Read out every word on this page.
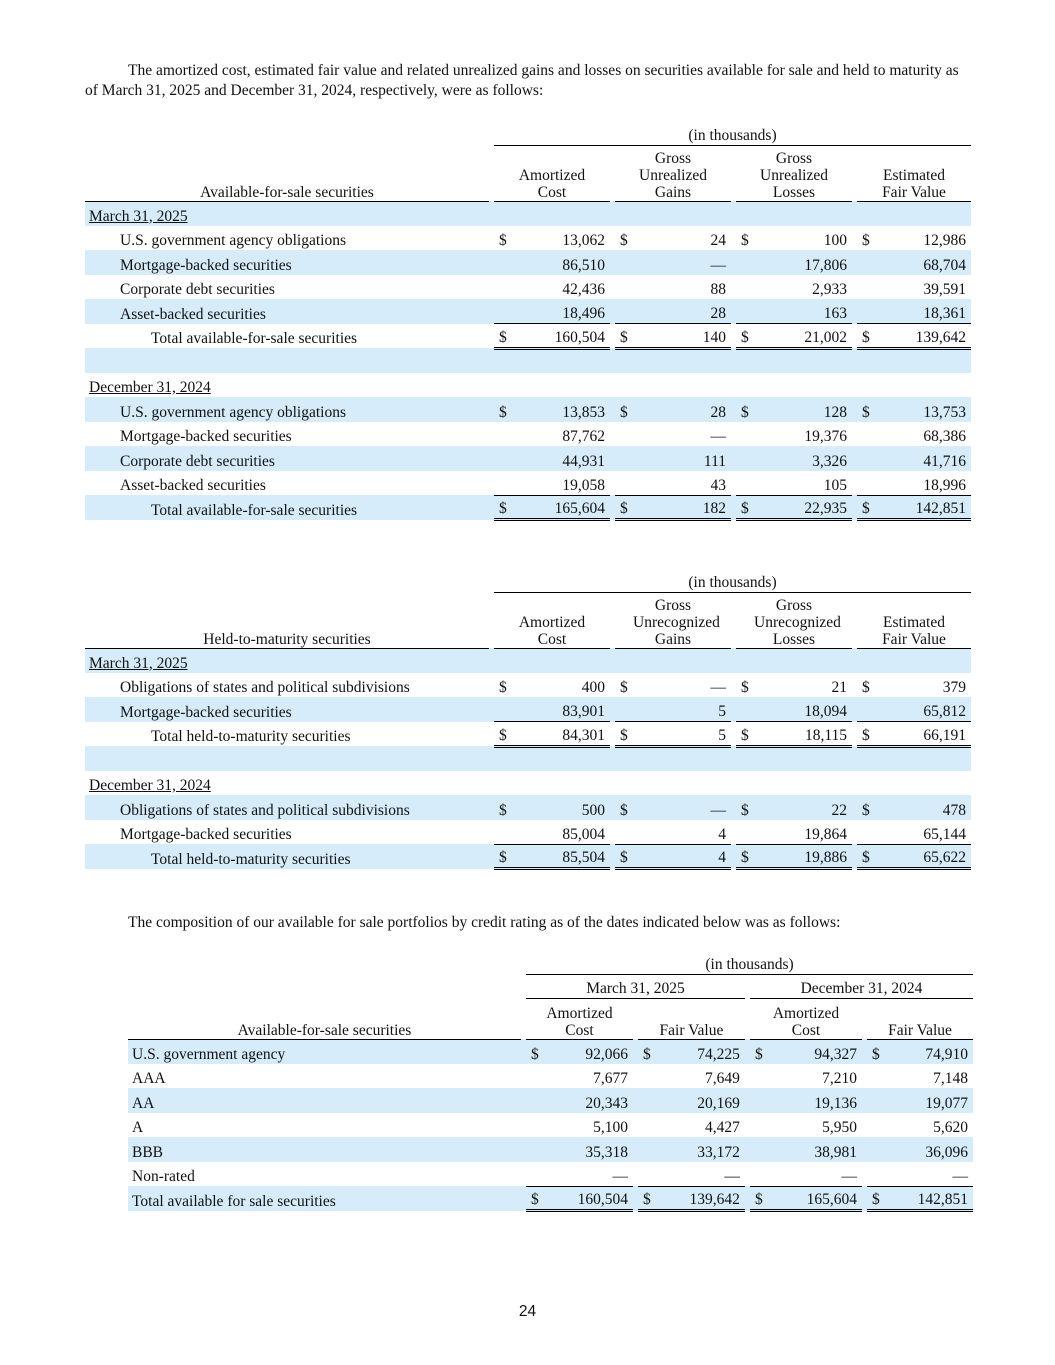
The amortized cost, estimated fair value and related unrealized gains and losses on securities available for sale and held to maturity as of March 31, 2025 and December 31, 2024, respectively, were as follows:

		(in thousands)						
Available-for-sale securities		Amortized Cost		Gross Unrealized Gains		Gross Unrealized Losses		Estimated Fair Value
March 31, 2025								
U.S. government agency obligations		$ 13,062		$ 24		$ 100		$ 12,986

Mortgage-backed securities		86,510		—		17,806		68,704

Corporate debt securities		42,436		88		2,933		39,591

Asset-backed securities		18,496		28		163		18,361

Total available-for-sale securities		$ 160,504		$ 140		$ 21,002		$ 139,642

December 31, 2024								
U.S. government agency obligations		$ 13,853		$ 28		$ 128		$ 13,753

Mortgage-backed securities		87,762		—		19,376		68,386

Corporate debt securities		44,931		111		3,326		41,716

Asset-backed securities		19,058		43		105		18,996

Total available-for-sale securities		$ 165,604		$ 182		$ 22,935		$ 142,851
		(in thousands)						
Held-to-maturity securities		Amortized Cost		Gross Unrecognized Gains		Gross Unrecognized Losses		Estimated Fair Value
March 31, 2025								
Obligations of states and political subdivisions		$ 400		$ —		$ 21		$ 379

Mortgage-backed securities		83,901		5		18,094		65,812

Total held-to-maturity securities		$ 84,301		$ 5		$ 18,115		$ 66,191

December 31, 2024								
Obligations of states and political subdivisions		$ 500		$ —		$ 22		$ 478

Mortgage-backed securities		85,004		4		19,864		65,144

Total held-to-maturity securities		$ 85,504		$ 4		$ 19,886		$ 65,622

The composition of our available for sale portfolios by credit rating as of the dates indicated below was as follows:

		(in thousands)						
		March 31, 2025				December 31, 2024		
Available-for-sale securities		Amortized Cost		Fair Value		Amortized Cost		Fair Value
U.S. government agency		$ 92,066		$ 74,225		$ 94,327		$ 74,910

AAA		7,677		7,649		7,210		7,148

AA		20,343		20,169		19,136		19,077

A		5,100		4,427		5,950		5,620

BBB		35,318		33,172		38,981		36,096

Non-rated		—		—		—		—

Total available for sale securities		$ 160,504		$ 139,642		$ 165,604		$ 142,851
24
